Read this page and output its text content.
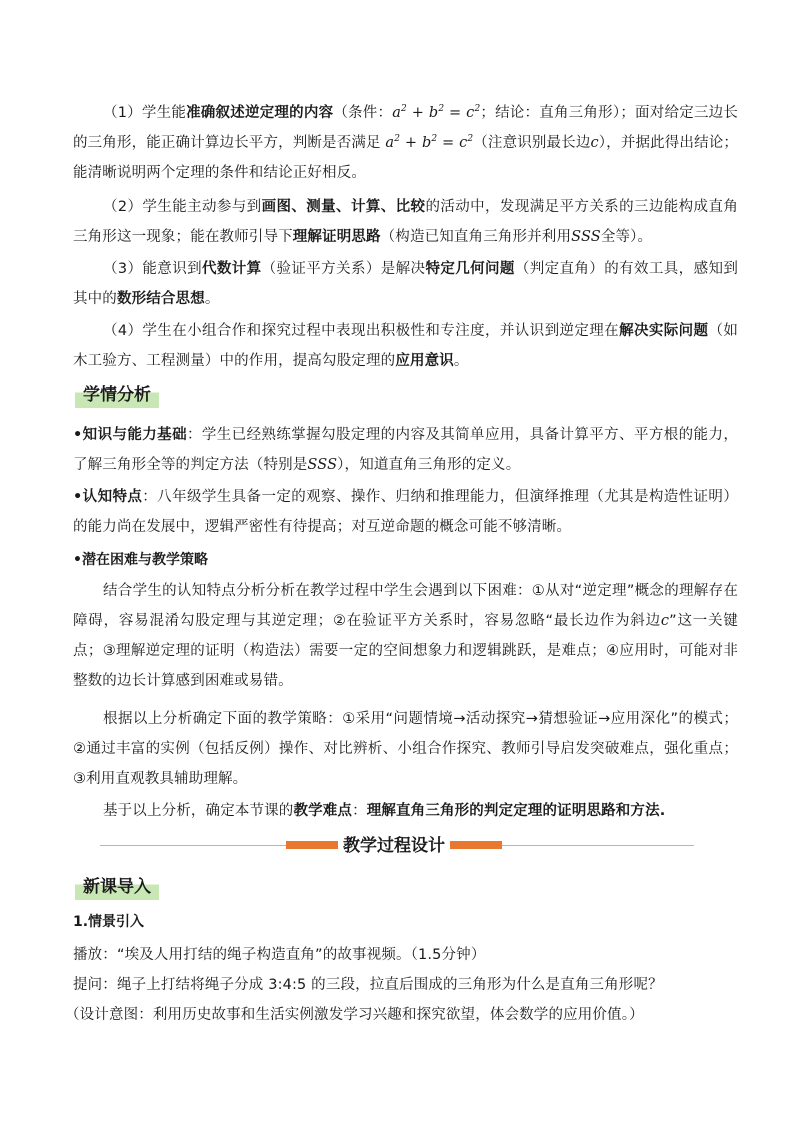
（1）学生能准确叙述逆定理的内容（条件：$a^2 + b^2 = c^2$；结论：直角三角形）；面对给定三边长的三角形，能正确计算边长平方，判断是否满足 $a^2 + b^2 = c^2$（注意识别最长边c），并据此得出结论；能清晰说明两个定理的条件和结论正好相反。

（2）学生能主动参与到画图、测量、计算、比较的活动中，发现满足平方关系的三边能构成直角三角形这一现象；能在教师引导下理解证明思路（构造已知直角三角形并利用SSS全等）。

（3）能意识到代数计算（验证平方关系）是解决特定几何问题（判定直角）的有效工具，感知到其中的数形结合思想。

（4）学生在小组合作和探究过程中表现出积极性和专注度，并认识到逆定理在解决实际问题（如木工验方、工程测量）中的作用，提高勾股定理的应用意识。

学情分析

•知识与能力基础：学生已经熟练掌握勾股定理的内容及其简单应用，具备计算平方、平方根的能力，了解三角形全等的判定方法（特别是SSS），知道直角三角形的定义。

•认知特点：八年级学生具备一定的观察、操作、归纳和推理能力，但演绎推理（尤其是构造性证明）的能力尚在发展中，逻辑严密性有待提高；对互逆命题的概念可能不够清晰。

•潜在困难与教学策略

结合学生的认知特点分析分析在教学过程中学生会遇到以下困难：①从对“逆定理”概念的理解存在障碍，容易混淆勾股定理与其逆定理；②在验证平方关系时，容易忽略“最长边作为斜边c”这一关键点；③理解逆定理的证明（构造法）需要一定的空间想象力和逻辑跳跃，是难点；④应用时，可能对非整数的边长计算感到困难或易错。

根据以上分析确定下面的教学策略：①采用“问题情境→活动探究→猜想验证→应用深化”的模式；②通过丰富的实例（包括反例）操作、对比辨析、小组合作探究、教师引导启发突破难点，强化重点；③利用直观教具辅助理解。

基于以上分析，确定本节课的教学难点：理解直角三角形的判定定理的证明思路和方法.

教学过程设计
新课导入

1.情景引入

播放：“埃及人用打结的绳子构造直角”的故事视频。（1.5分钟）

提问：绳子上打结将绳子分成 3:4:5 的三段，拉直后围成的三角形为什么是直角三角形呢？

（设计意图：利用历史故事和生活实例激发学习兴趣和探究欲望，体会数学的应用价值。）
